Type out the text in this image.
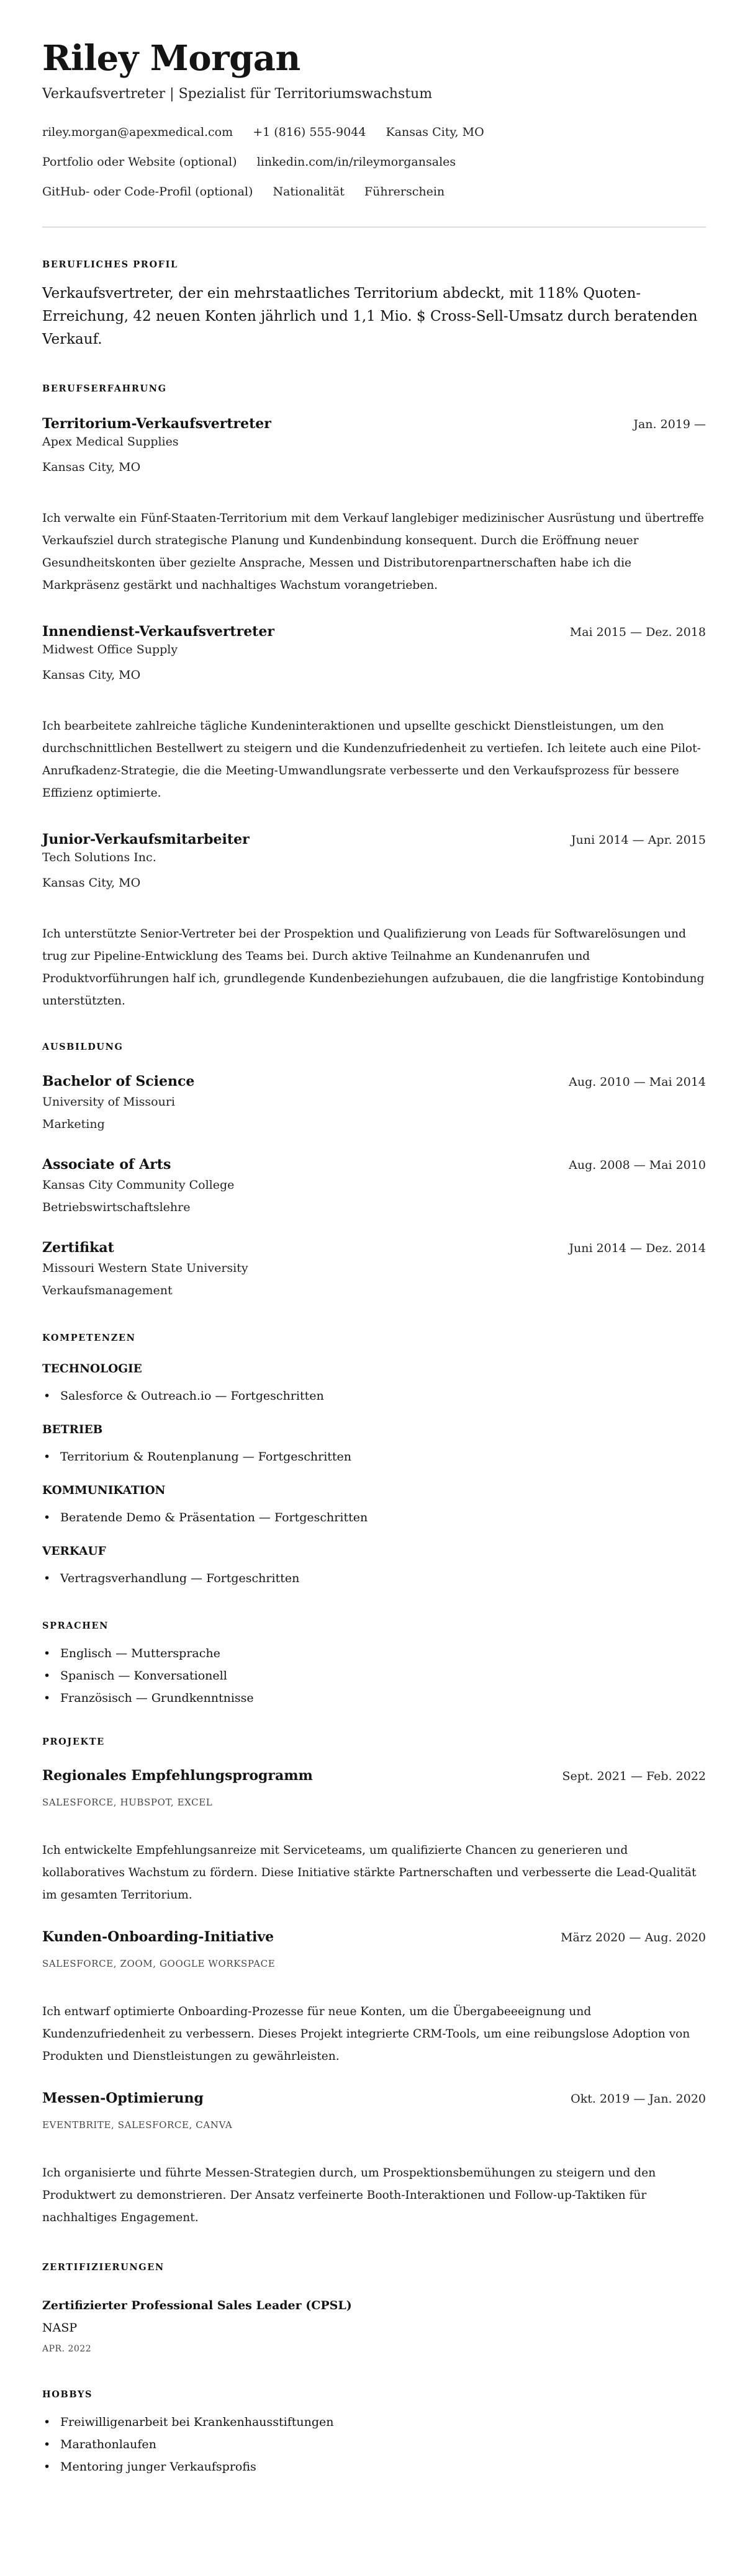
Riley Morgan
Verkaufsvertreter | Spezialist für Territoriumswachstum
riley.morgan@apexmedical.com +1 (816) 555-9044 Kansas City, MO
Portfolio oder Website (optional) linkedin.com/in/rileymorgansales
GitHub- oder Code-Profil (optional) Nationalität Führerschein
BERUFLICHES PROFIL

Verkaufsvertreter, der ein mehrstaatliches Territorium abdeckt, mit 118% Quoten-Erreichung, 42 neuen Konten jährlich und 1,1 Mio. $ Cross-Sell-Umsatz durch beratenden Verkauf.

BERUFSERFAHRUNG
Territorium-Verkaufsvertreter	Jan. 2019 —
Apex Medical Supplies
Kansas City, MO

Ich verwalte ein Fünf-Staaten-Territorium mit dem Verkauf langlebiger medizinischer Ausrüstung und übertreffe Verkaufsziel durch strategische Planung und Kundenbindung konsequent. Durch die Eröffnung neuer Gesundheitskonten über gezielte Ansprache, Messen und Distributorenpartnerschaften habe ich die Markpräsenz gestärkt und nachhaltiges Wachstum vorangetrieben.

Innendienst-Verkaufsvertreter	Mai 2015 — Dez. 2018
Midwest Office Supply
Kansas City, MO

Ich bearbeitete zahlreiche tägliche Kundeninteraktionen und upsellte geschickt Dienstleistungen, um den durchschnittlichen Bestellwert zu steigern und die Kundenzufriedenheit zu vertiefen. Ich leitete auch eine Pilot-Anrufkadenz-Strategie, die die Meeting-Umwandlungsrate verbesserte und den Verkaufsprozess für bessere Effizienz optimierte.

Junior-Verkaufsmitarbeiter	Juni 2014 — Apr. 2015
Tech Solutions Inc.
Kansas City, MO

Ich unterstützte Senior-Vertreter bei der Prospektion und Qualifizierung von Leads für Softwarelösungen und trug zur Pipeline-Entwicklung des Teams bei. Durch aktive Teilnahme an Kundenanrufen und Produktvorführungen half ich, grundlegende Kundenbeziehungen aufzubauen, die die langfristige Kontobindung unterstützten.

AUSBILDUNG
Bachelor of Science	Aug. 2010 — Mai 2014
University of Missouri
Marketing
Associate of Arts	Aug. 2008 — Mai 2010
Kansas City Community College
Betriebswirtschaftslehre
Zertifikat	Juni 2014 — Dez. 2014
Missouri Western State University
Verkaufsmanagement
KOMPETENZEN
TECHNOLOGIE
• Salesforce & Outreach.io — Fortgeschritten
BETRIEB
• Territorium & Routenplanung — Fortgeschritten
KOMMUNIKATION
• Beratende Demo & Präsentation — Fortgeschritten
VERKAUF
• Vertragsverhandlung — Fortgeschritten
SPRACHEN
• Englisch — Muttersprache
• Spanisch — Konversationell
• Französisch — Grundkenntnisse
PROJEKTE
Regionales Empfehlungsprogramm	Sept. 2021 — Feb. 2022
SALESFORCE, HUBSPOT, EXCEL

Ich entwickelte Empfehlungsanreize mit Serviceteams, um qualifizierte Chancen zu generieren und kollaboratives Wachstum zu fördern. Diese Initiative stärkte Partnerschaften und verbesserte die Lead-Qualität im gesamten Territorium.

Kunden-Onboarding-Initiative	März 2020 — Aug. 2020
SALESFORCE, ZOOM, GOOGLE WORKSPACE

Ich entwarf optimierte Onboarding-Prozesse für neue Konten, um die Übergabeeeignung und Kundenzufriedenheit zu verbessern. Dieses Projekt integrierte CRM-Tools, um eine reibungslose Adoption von Produkten und Dienstleistungen zu gewährleisten.

Messen-Optimierung	Okt. 2019 — Jan. 2020
EVENTBRITE, SALESFORCE, CANVA

Ich organisierte und führte Messen-Strategien durch, um Prospektionsbemühungen zu steigern und den Produktwert zu demonstrieren. Der Ansatz verfeinerte Booth-Interaktionen und Follow-up-Taktiken für nachhaltiges Engagement.

ZERTIFIZIERUNGEN
Zertifizierter Professional Sales Leader (CPSL)
NASP
APR. 2022
HOBBYS
• Freiwilligenarbeit bei Krankenhausstiftungen
• Marathonlaufen
• Mentoring junger Verkaufsprofis
